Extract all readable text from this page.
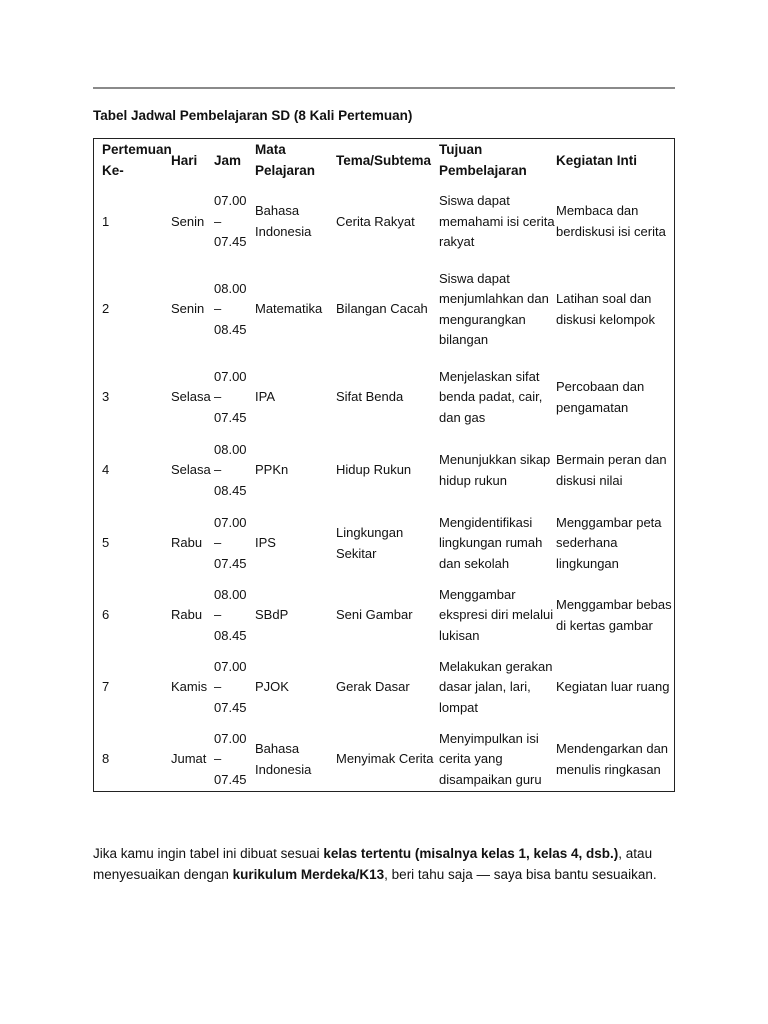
Tabel Jadwal Pembelajaran SD (8 Kali Pertemuan)
Pertemuan Ke-	Hari	Jam	Mata Pelajaran	Tema/Subtema	Tujuan Pembelajaran	Kegiatan Inti
1	Senin	07.00 – 07.45	Bahasa Indonesia	Cerita Rakyat	Siswa dapat memahami isi cerita rakyat	Membaca dan berdiskusi isi cerita
2	Senin	08.00 – 08.45	Matematika	Bilangan Cacah	Siswa dapat menjumlahkan dan mengurangkan bilangan	Latihan soal dan diskusi kelompok
3	Selasa	07.00 – 07.45	IPA	Sifat Benda	Menjelaskan sifat benda padat, cair, dan gas	Percobaan dan pengamatan
4	Selasa	08.00 – 08.45	PPKn	Hidup Rukun	Menunjukkan sikap hidup rukun	Bermain peran dan diskusi nilai
5	Rabu	07.00 – 07.45	IPS	Lingkungan Sekitar	Mengidentifikasi lingkungan rumah dan sekolah	Menggambar peta sederhana lingkungan
6	Rabu	08.00 – 08.45	SBdP	Seni Gambar	Menggambar ekspresi diri melalui lukisan	Menggambar bebas di kertas gambar
7	Kamis	07.00 – 07.45	PJOK	Gerak Dasar	Melakukan gerakan dasar jalan, lari, lompat	Kegiatan luar ruang
8	Jumat	07.00 – 07.45	Bahasa Indonesia	Menyimak Cerita	Menyimpulkan isi cerita yang disampaikan guru	Mendengarkan dan menulis ringkasan
Jika kamu ingin tabel ini dibuat sesuai kelas tertentu (misalnya kelas 1, kelas 4, dsb.), atau menyesuaikan dengan kurikulum Merdeka/K13, beri tahu saja — saya bisa bantu sesuaikan.
